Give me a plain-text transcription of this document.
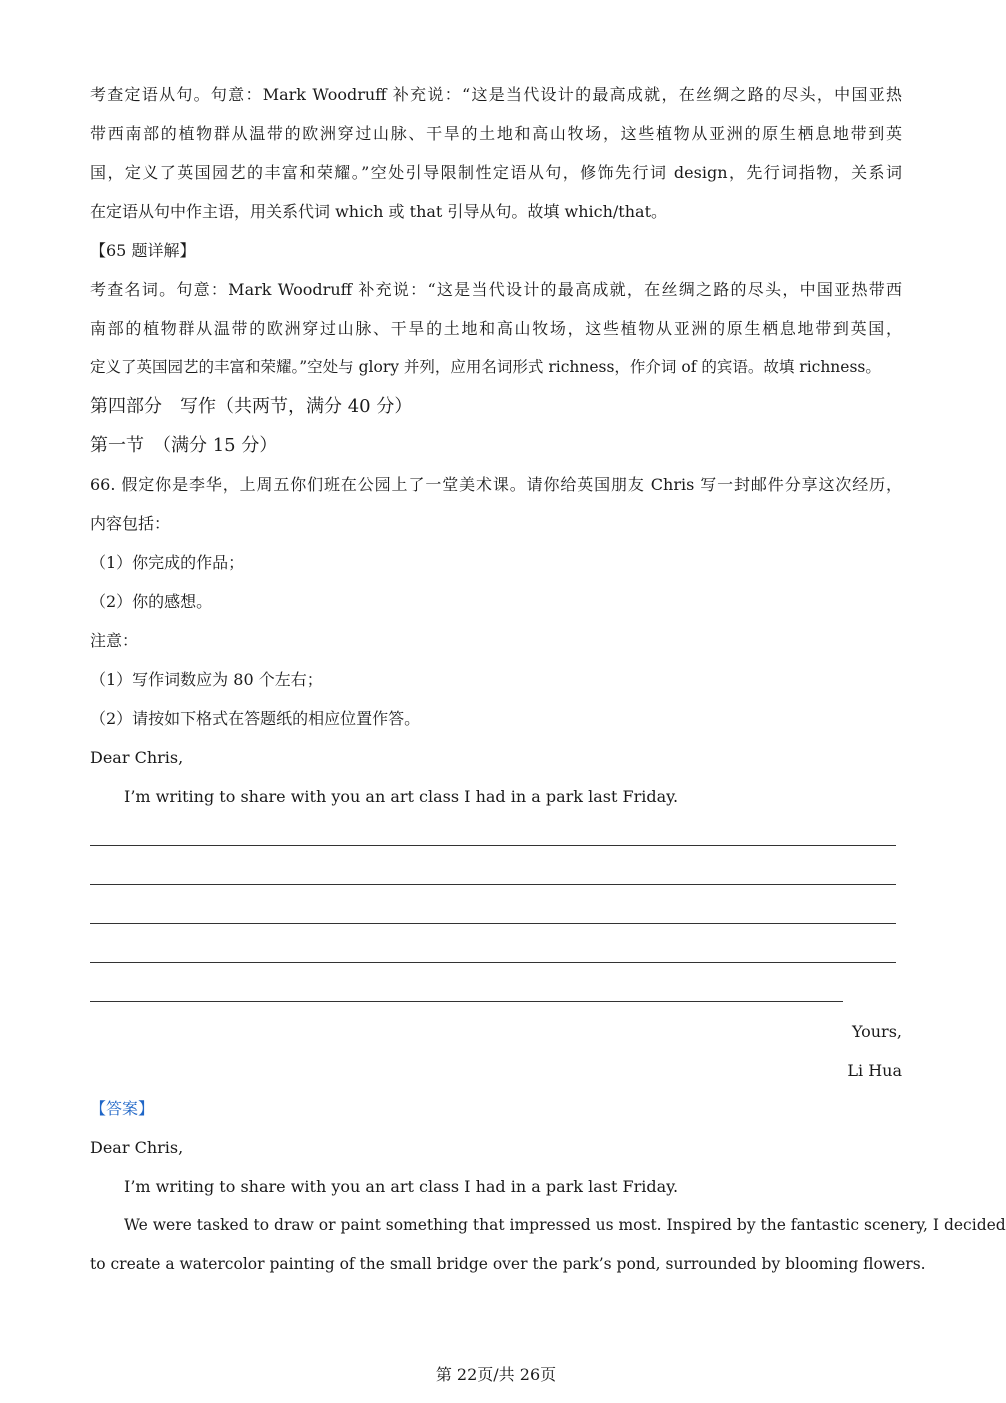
考查定语从句。句意：Mark Woodruff 补充说：“这是当代设计的最高成就，在丝绸之路的尽头，中国亚热
带西南部的植物群从温带的欧洲穿过山脉、干旱的土地和高山牧场，这些植物从亚洲的原生栖息地带到英
国，定义了英国园艺的丰富和荣耀。”空处引导限制性定语从句，修饰先行词 design，先行词指物，关系词
在定语从句中作主语，用关系代词 which 或 that 引导从句。故填 which/that。
【65 题详解】
考查名词。句意：Mark Woodruff 补充说：“这是当代设计的最高成就，在丝绸之路的尽头，中国亚热带西
南部的植物群从温带的欧洲穿过山脉、干旱的土地和高山牧场，这些植物从亚洲的原生栖息地带到英国，
定义了英国园艺的丰富和荣耀。”空处与 glory 并列，应用名词形式 richness，作介词 of 的宾语。故填 richness。
第四部分　写作（共两节，满分 40 分）
第一节　（满分 15 分）
66. 假定你是李华，上周五你们班在公园上了一堂美术课。请你给英国朋友 Chris 写一封邮件分享这次经历，
内容包括：
（1）你完成的作品；
（2）你的感想。
注意：
（1）写作词数应为 80 个左右；
（2）请按如下格式在答题纸的相应位置作答。
Dear Chris,
I’m writing to share with you an art class I had in a park last Friday.
Yours,
Li Hua
【答案】
Dear Chris,
I’m writing to share with you an art class I had in a park last Friday.
We were tasked to draw or paint something that impressed us most. Inspired by the fantastic scenery, I decided
to create a watercolor painting of the small bridge over the park’s pond, surrounded by blooming flowers.
第 22页/共 26页
